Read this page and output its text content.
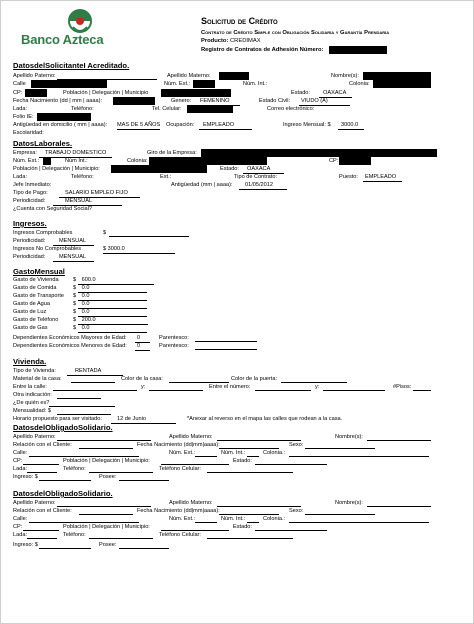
Banco Azteca
Solicitud de Crédito
Contrato de Crédito Simple con Obligación Solidaria y Garantía Prendaria
Producto: CREDIMAX
Registro de Contratos de Adhesión Número:
DatosdelSolicitanteI Acreditado.
Apellido Paterno:	Apellido Materno:	Nombre(s):
Calle	Núm. Ext.:	Núm. Int.:	Colonia:
CP:	Población | Delegación | Municipio	Estado:	OAXACA
Fecha Nacimiento (dd | mm | aaaa):	Genero:	FEMENINO	Estado Civil:	VIUDO (A)
Lada:	Teléfono:	Tel. Celular:	Correo electrónico:
Folio IE:
Antigüedad en domicilio ( mm | aaaa): MAS DE 5 AÑOS Ocupación:	EMPLEADO	Ingreso Mensual: $	3000.0
Escolaridad:
DatosLaborales.
Empresa:	TRABAJO DOMESTICO	Giro de la Empresa:
Núm. Ext.:	Núm Int.:	Colonia:	CP:
Población | Delegación | Municipio:	Estado:	OAXACA
Lada:	Teléfono:	Ext.:	Tipo de Contrato:	Puesto:	EMPLEADO
Jefe Inmediato:	Antigüedad (mm | aaaa):	01/05/2012
Tipo de Pago:	SALARIO EMPLEO FIJO
Periodicidad:	MENSUAL
¿Cuenta con Seguridad Social?
Ingresos.
Ingresos Comprobables	$
Periodicidad:	MENSUAL
Ingresos No Comprobables	$ 3000.0
Periodicidad:	MENSUAL
GastoMensual
Gasto de Vivienda	$ 600.0
Gasto de Comida	$ 0.0
Gasto de Transporte $ 0.0
Gasto de Agua	$ 0.0
Gasto de Luz	$ 0.0
Gasto de Teléfono	$ 200.0
Gasto de Gas	$ 0.0
Dependientes Económicos Mayores de Edad:	0	Parentesco:
Dependientes Económicos Menores de Edad:	0	Parentesco:
Vivienda.
Tipo de Vivienda:	RENTADA
Material de la casa:	Color de la casa:	Color de la puerta:
Entre la calle:	y:	Entre el número:	y:	#Pisos:
Otra indicación:
¿De quién es?
Mensualidad: $
Horario propuesto para ser visitado:	12 de Junio	*Anexar al reverso en el mapa las calles que rodean a la casa.
DatosdelObligadoSolidario.
Apellido Paterno:	Apellido Materno:	Nombre(s):
Relación con el Cliente:	Fecha Nacimiento (dd|mm|aaaa):	Sexo:
Calle:	Núm. Ext.:	Núm. Int.:	Colonia.:
CP:	Población | Delegación | Municipio:	Estado:
Lada:	Teléfono:	Teléfono Celular:
Ingreso: $	Posee:
DatosdelObligadoSolidario.
Apellido Paterno:	Apellido Materno:	Nombre(s):
Relación con el Cliente:	Fecha Nacimiento (dd|mm|aaaa):	Sexo:
Calle:	Núm. Ext.:	Núm. Int.:	Colonia.:
CP:	Población | Delegación | Municipio:	Estado:
Lada:	Teléfono:	Teléfono Celular:
Ingreso: $	Posee:
